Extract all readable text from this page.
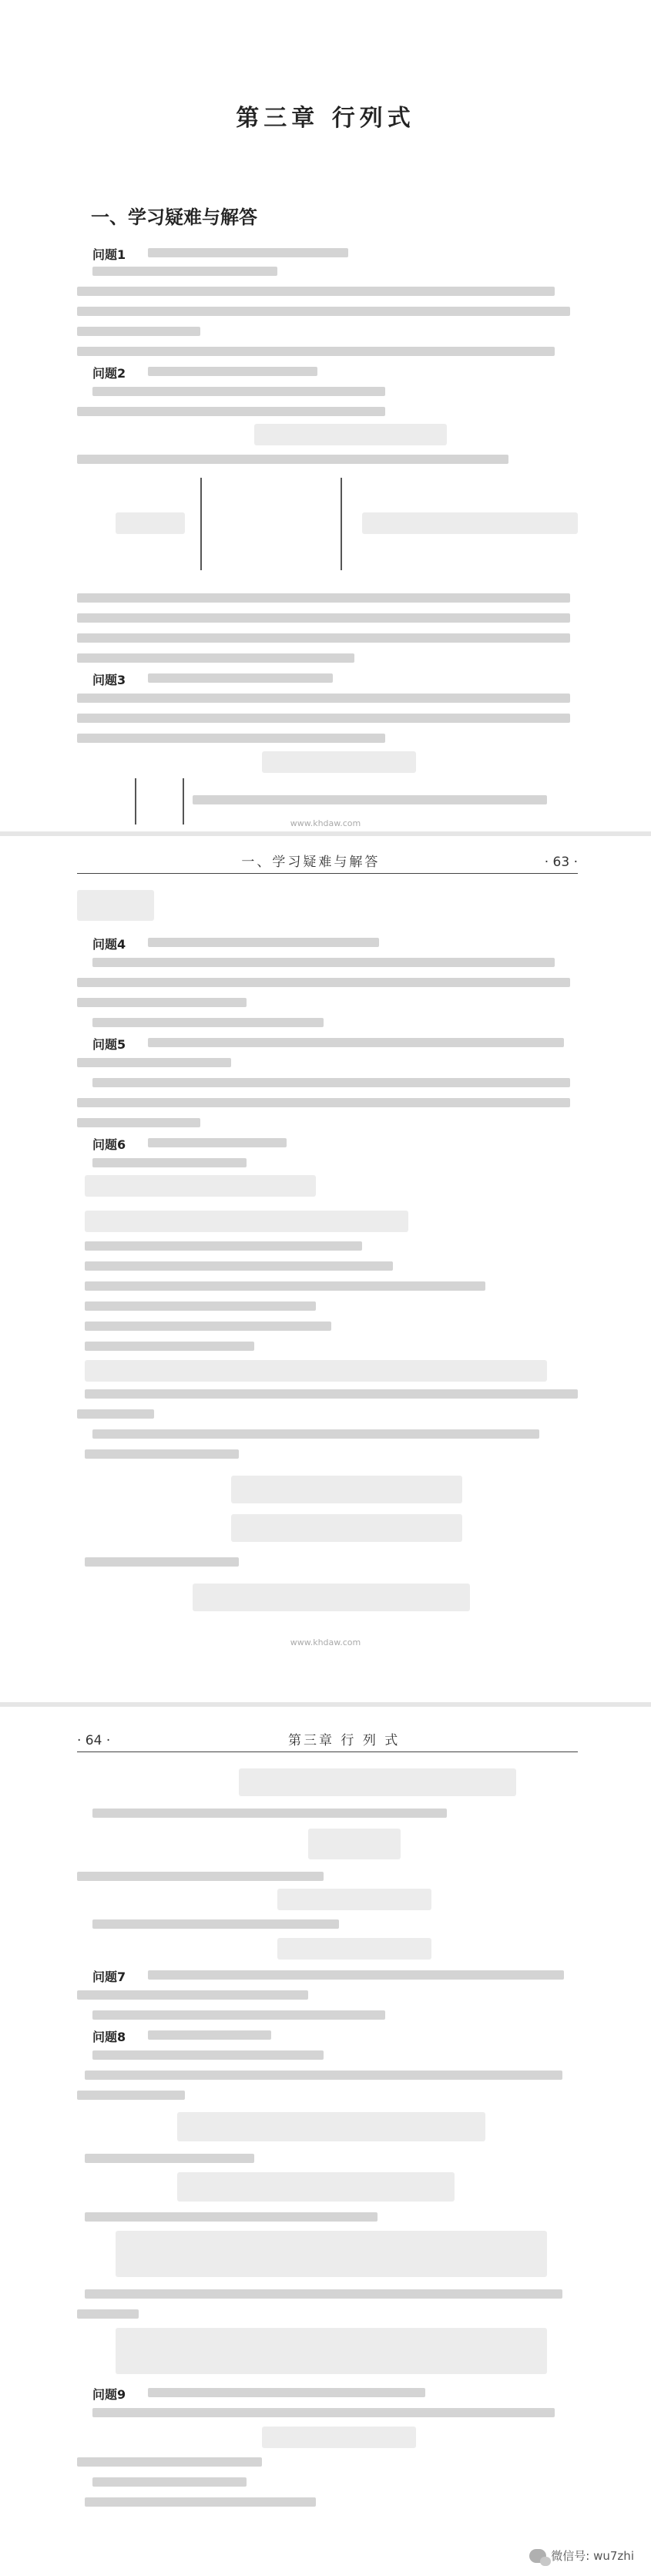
第三章 行列式
一、学习疑难与解答
问题1
问题2
问题3
www.khdaw.com
一、学习疑难与解答	· 63 ·
问题4
问题5
问题6
www.khdaw.com
· 64 ·	第三章 行 列 式
问题7
问题8
问题9
微信号: wu7zhi
